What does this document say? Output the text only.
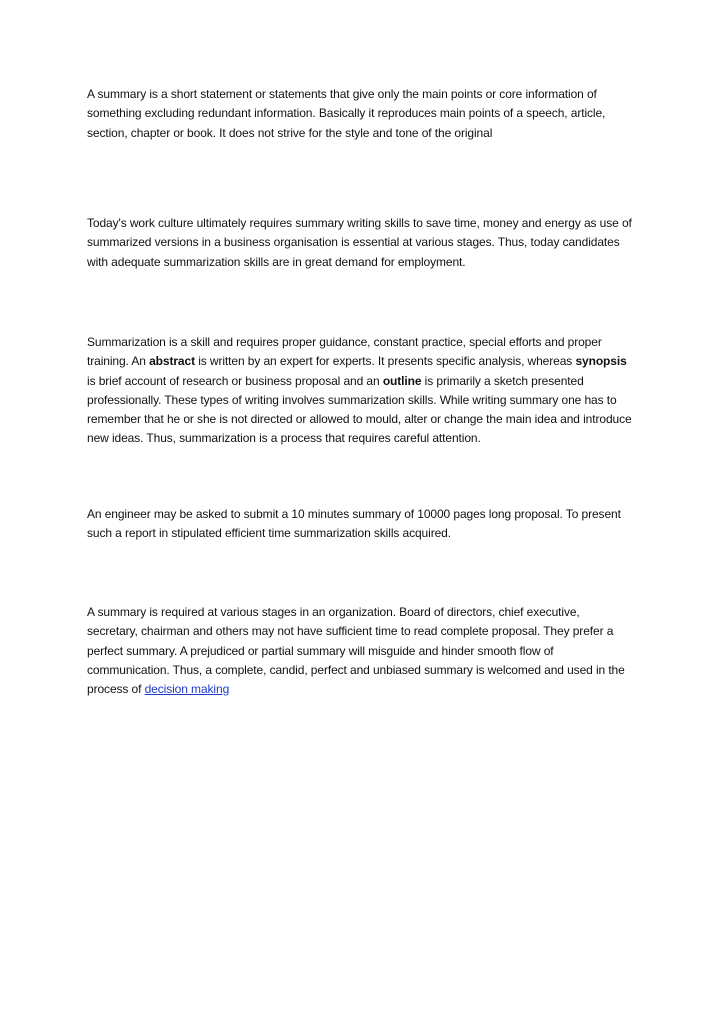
A summary is a short statement or statements that give only the main points or core information of something excluding redundant information. Basically it reproduces main points of a speech, article, section, chapter or book. It does not strive for the style and tone of the original

Today's work culture ultimately requires summary writing skills to save time, money and energy as use of summarized versions in a business organisation is essential at various stages. Thus, today candidates with adequate summarization skills are in great demand for employment.

Summarization is a skill and requires proper guidance, constant practice, special efforts and proper training. An abstract is written by an expert for experts. It presents specific analysis, whereas synopsis is brief account of research or business proposal and an outline is primarily a sketch presented professionally. These types of writing involves summarization skills. While writing summary one has to remember that he or she is not directed or allowed to mould, alter or change the main idea and introduce new ideas. Thus, summarization is a process that requires careful attention.

An engineer may be asked to submit a 10 minutes summary of 10000 pages long proposal. To present such a report in stipulated efficient time summarization skills acquired.

A summary is required at various stages in an organization. Board of directors, chief executive, secretary, chairman and others may not have sufficient time to read complete proposal. They prefer a perfect summary. A prejudiced or partial summary will misguide and hinder smooth flow of communication. Thus, a complete, candid, perfect and unbiased summary is welcomed and used in the process of decision making
